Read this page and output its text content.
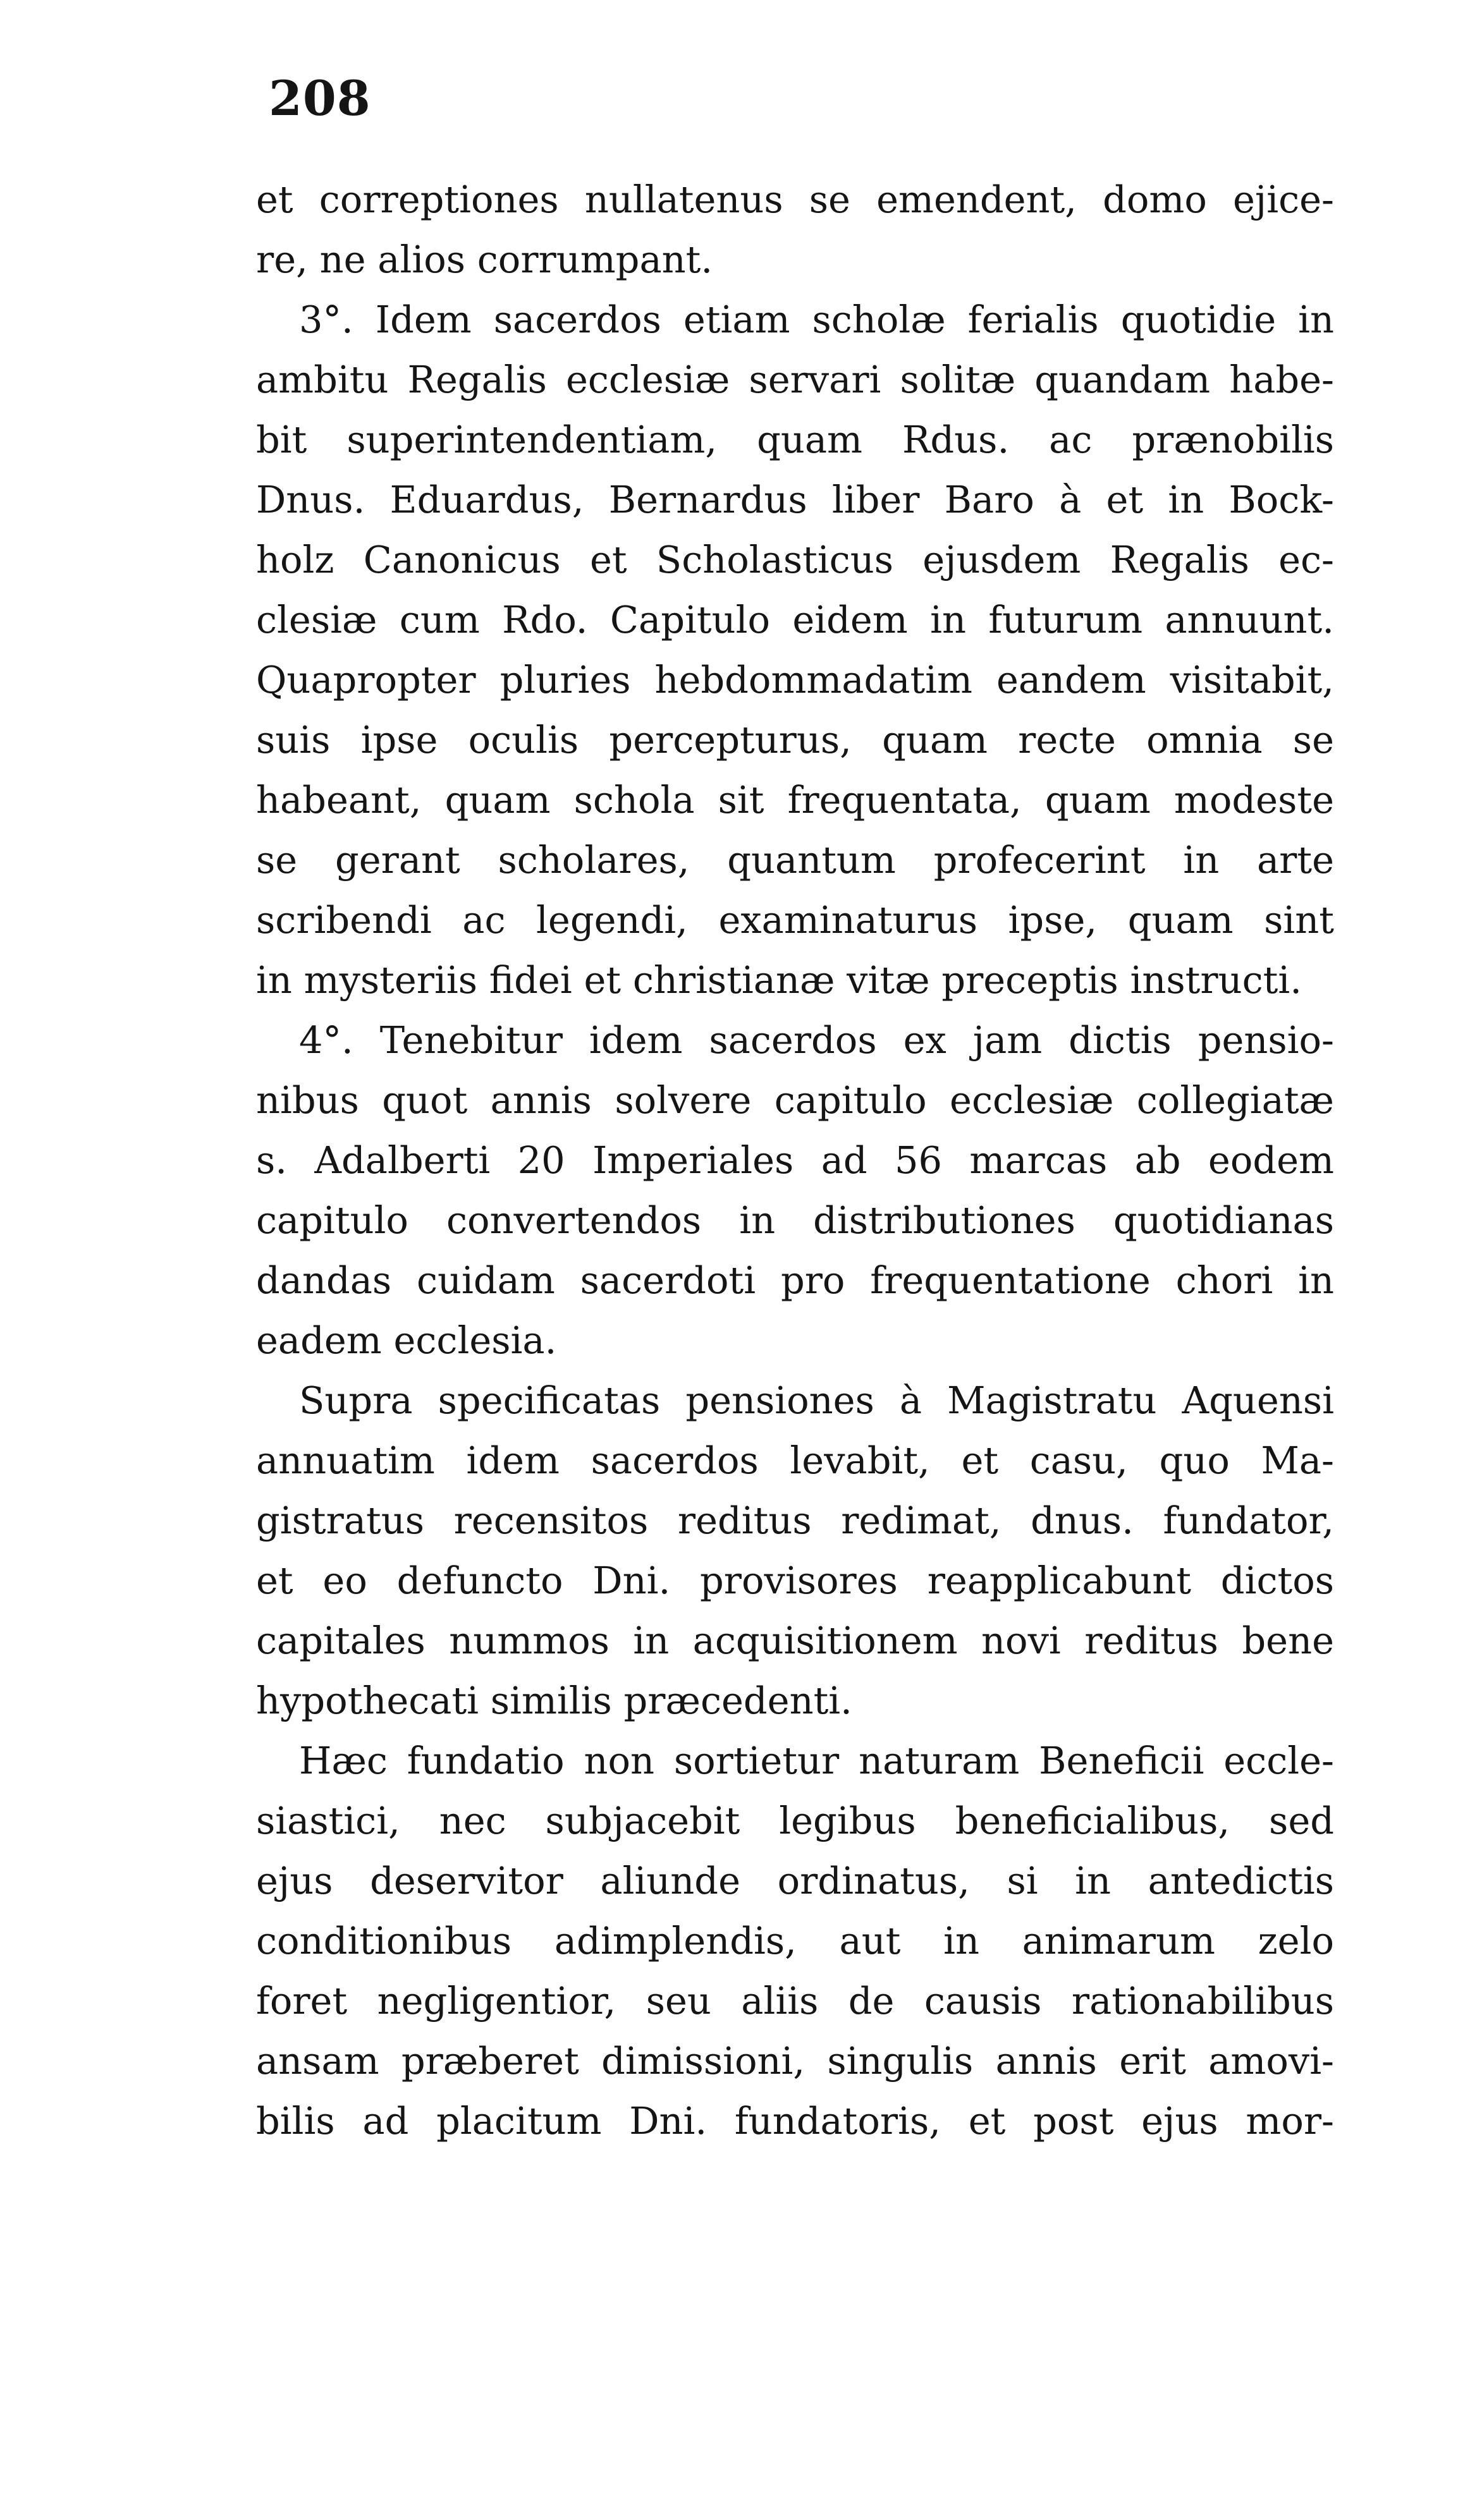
208
et correptiones nullatenus se emendent, domo ejice-
re, ne alios corrumpant.
3°. Idem sacerdos etiam scholæ ferialis quotidie in
ambitu Regalis ecclesiæ servari solitæ quandam habe-
bit superintendentiam, quam Rdus. ac prænobilis
Dnus. Eduardus, Bernardus liber Baro à et in Bock-
holz Canonicus et Scholasticus ejusdem Regalis ec-
clesiæ cum Rdo. Capitulo eidem in futurum annuunt.
Quapropter pluries hebdommadatim eandem visitabit,
suis ipse oculis percepturus, quam recte omnia se
habeant, quam schola sit frequentata, quam modeste
se gerant scholares, quantum profecerint in arte
scribendi ac legendi, examinaturus ipse, quam sint
in mysteriis fidei et christianæ vitæ preceptis instructi.
4°. Tenebitur idem sacerdos ex jam dictis pensio-
nibus quot annis solvere capitulo ecclesiæ collegiatæ
s. Adalberti 20 Imperiales ad 56 marcas ab eodem
capitulo convertendos in distributiones quotidianas
dandas cuidam sacerdoti pro frequentatione chori in
eadem ecclesia.
Supra specificatas pensiones à Magistratu Aquensi
annuatim idem sacerdos levabit, et casu, quo Ma-
gistratus recensitos reditus redimat, dnus. fundator,
et eo defuncto Dni. provisores reapplicabunt dictos
capitales nummos in acquisitionem novi reditus bene
hypothecati similis præcedenti.
Hæc fundatio non sortietur naturam Beneficii eccle-
siastici, nec subjacebit legibus beneficialibus, sed
ejus deservitor aliunde ordinatus, si in antedictis
conditionibus adimplendis, aut in animarum zelo
foret negligentior, seu aliis de causis rationabilibus
ansam præberet dimissioni, singulis annis erit amovi-
bilis ad placitum Dni. fundatoris, et post ejus mor-
